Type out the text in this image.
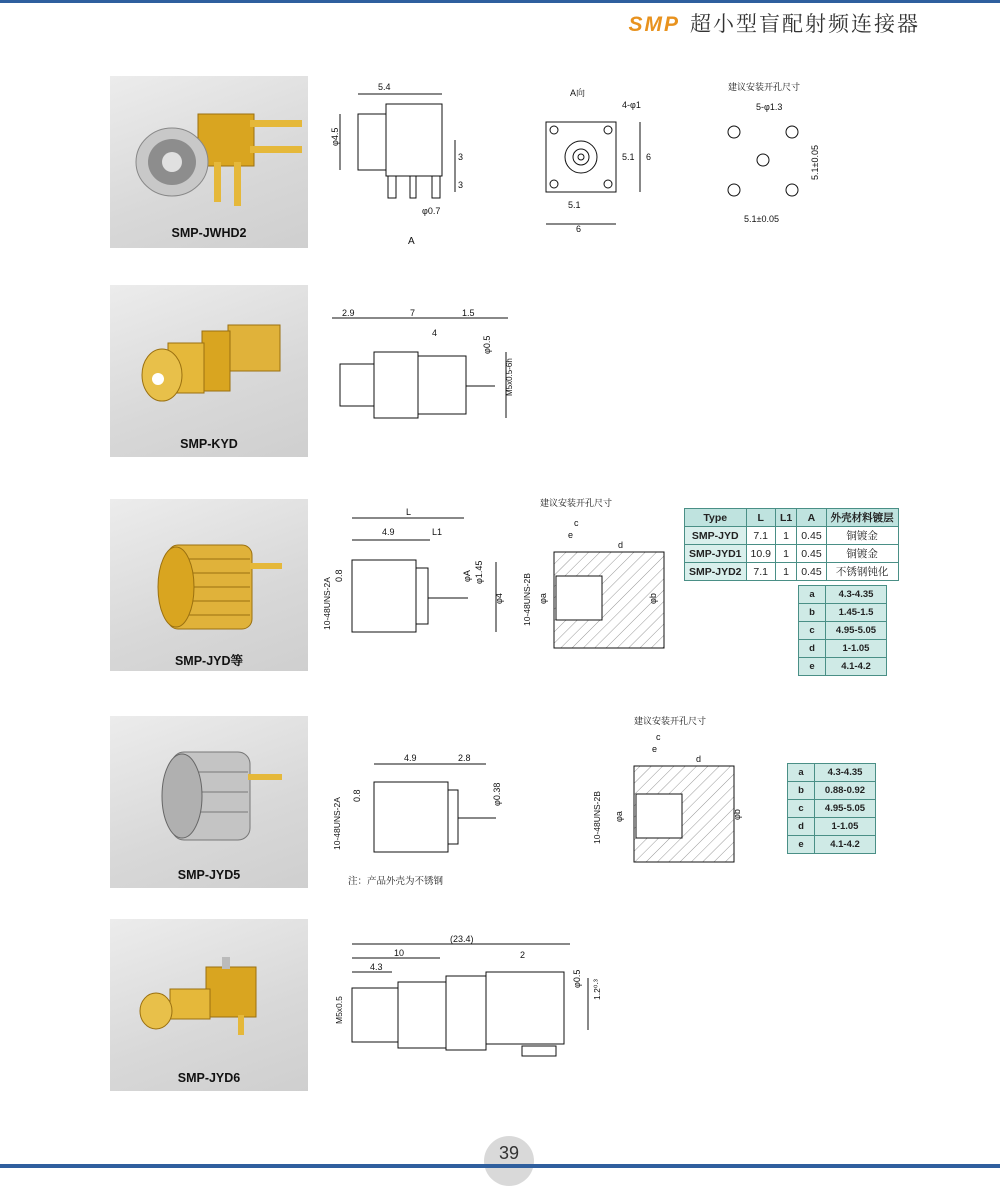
SMP 超小型盲配射频连接器
SMP-JWHD2
5.4
φ4.5
3
3
φ0.7
A
A向
4-φ1
5.1
6
5.1 6
建议安装开孔尺寸
5-φ1.3
5.1±0.05
5.1±0.05
SMP-KYD
2.9	7	1.5
4
φ0.5
M5x0.5-6h
SMP-JYD等
L
4.9	L1
φ1.45
φA
φ4
0.8
10-48UNS-2A
建议安装开孔尺寸
c
e
d
φa
10-48UNS-2B	φb
Type	L	L1	A	外壳材料镀层
SMP-JYD	7.1	1	0.45	铜镀金
SMP-JYD1	10.9	1	0.45	铜镀金
SMP-JYD2	7.1	1	0.45	不锈钢钝化
a	4.3-4.35
b	1.45-1.5
c	4.95-5.05
d	1-1.05
e	4.1-4.2
SMP-JYD5
4.9	2.8
φ0.38
0.8
10-48UNS-2A
注：产品外壳为不锈钢
建议安装开孔尺寸
c
e
d
φa
10-48UNS-2B	φb
a	4.3-4.35
b	0.88-0.92
c	4.95-5.05
d	1-1.05
e	4.1-4.2
SMP-JYD6
(23.4)
10
4.3
2
φ0.5
1.2⁰·³
M5x0.5
39
